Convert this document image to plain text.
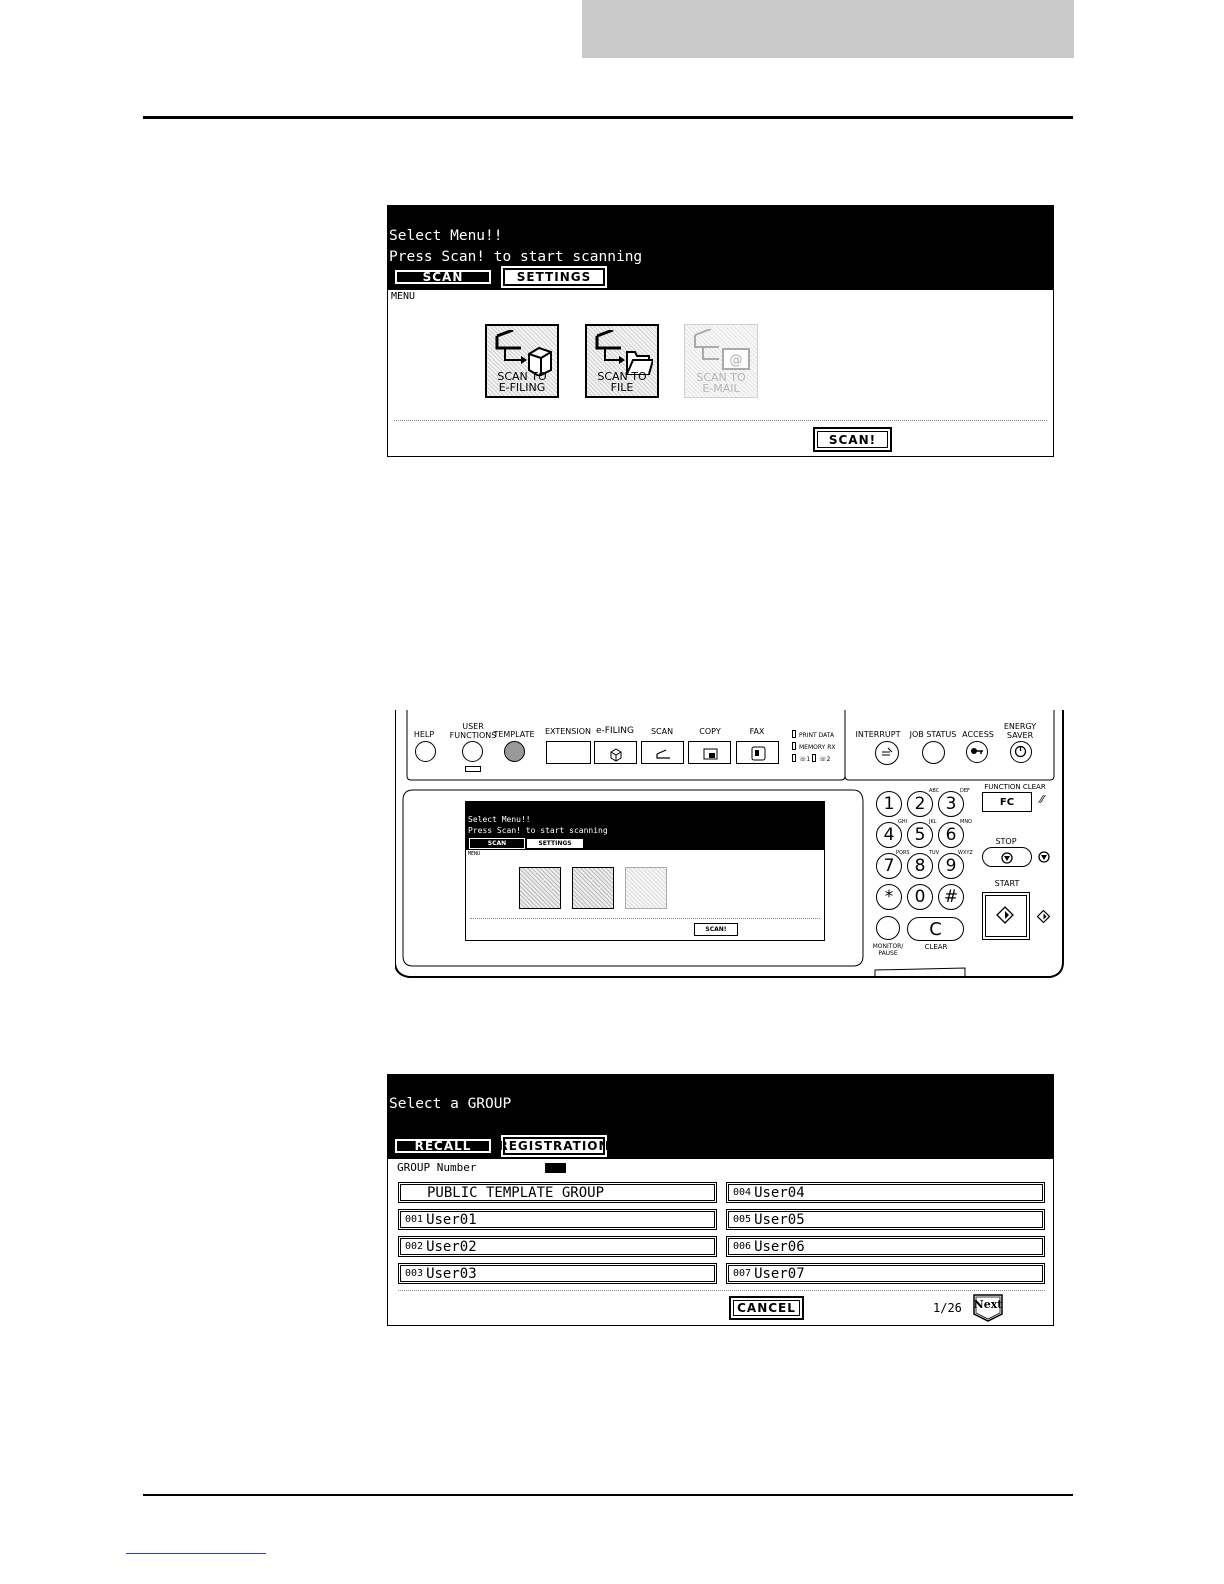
Select Menu!!
Press Scan! to start scanning
SCAN	SETTINGS
MENU
SCAN TO
E-FILING
SCAN TO
FILE
@
SCAN TO
E-MAIL
SCAN!
HELP
USER
FUNCTIONS
TEMPLATE EXTENSION e-FILING	SCAN	COPY	FAX	PRINT DATA
MEMORY RX
☏1 ☏2
INTERRUPT	JOB STATUS ACCESS
ENERGY
SAVER
Select Menu!!
Press Scan! to start scanning
SCAN	SETTINGS
MENU
SCAN!
1	2	3
4	5	6
7	8	9
*	0	#
ABC	DEF
GHI	JKL	MNO
PQRS	TUV	WXYZ
MONITOR/
PAUSE
C
CLEAR
FUNCTION CLEAR
FC	⁄⁄
STOP
START
Select a GROUP
RECALL	REGISTRATION
GROUP Number
PUBLIC TEMPLATE GROUP
001 User01
002 User02
003 User03
004 User04
005 User05
006 User06
007 User07
CANCEL	1/26 Next
